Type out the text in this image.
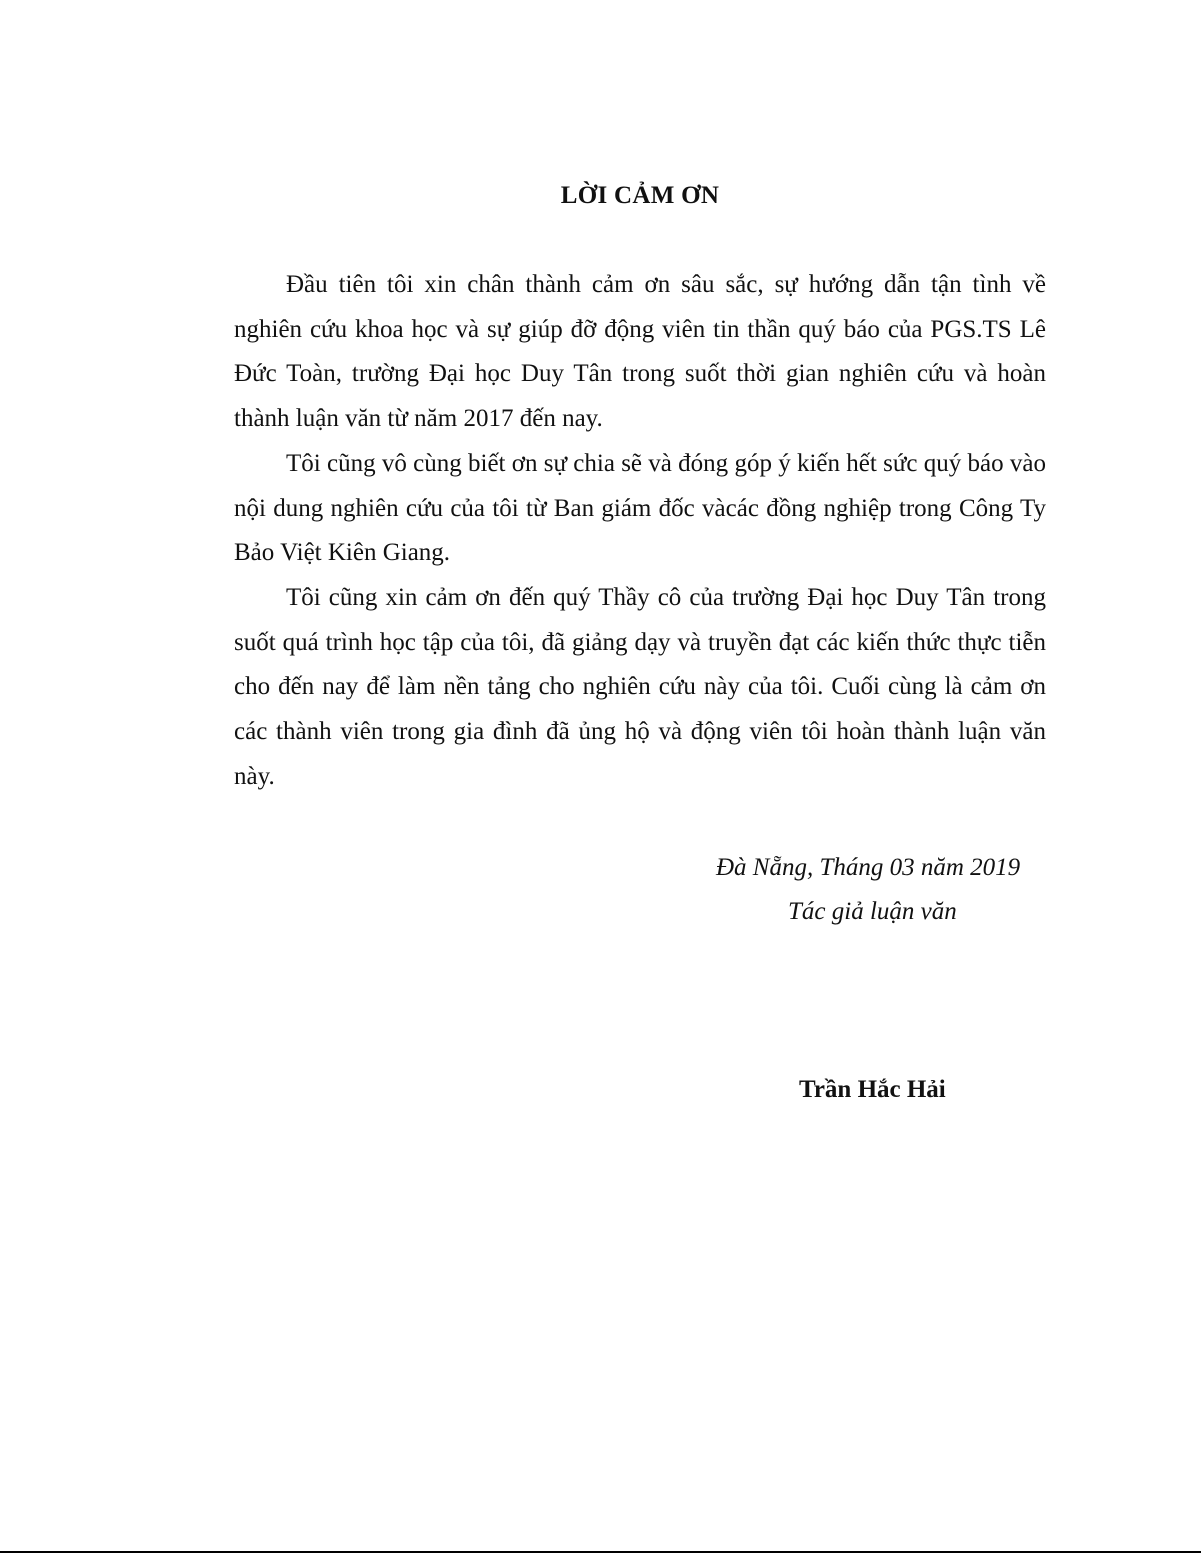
LỜI CẢM ƠN

Đầu tiên tôi xin chân thành cảm ơn sâu sắc, sự hướng dẫn tận tình về nghiên cứu khoa học và sự giúp đỡ động viên tin thần quý báo của PGS.TS Lê Đức Toàn, trường Đại học Duy Tân trong suốt thời gian nghiên cứu và hoàn thành luận văn từ năm 2017 đến nay.

Tôi cũng vô cùng biết ơn sự chia sẽ và đóng góp ý kiến hết sức quý báo vào nội dung nghiên cứu của tôi từ Ban giám đốc vàcác đồng nghiệp trong Công Ty Bảo Việt Kiên Giang.

Tôi cũng xin cảm ơn đến quý Thầy cô của trường Đại học Duy Tân trong suốt quá trình học tập của tôi, đã giảng dạy và truyền đạt các kiến thức thực tiễn cho đến nay để làm nền tảng cho nghiên cứu này của tôi. Cuối cùng là cảm ơn các thành viên trong gia đình đã ủng hộ và động viên tôi hoàn thành luận văn này.

Đà Nẵng, Tháng 03 năm 2019
Tác giả luận văn
Trần Hắc Hải
